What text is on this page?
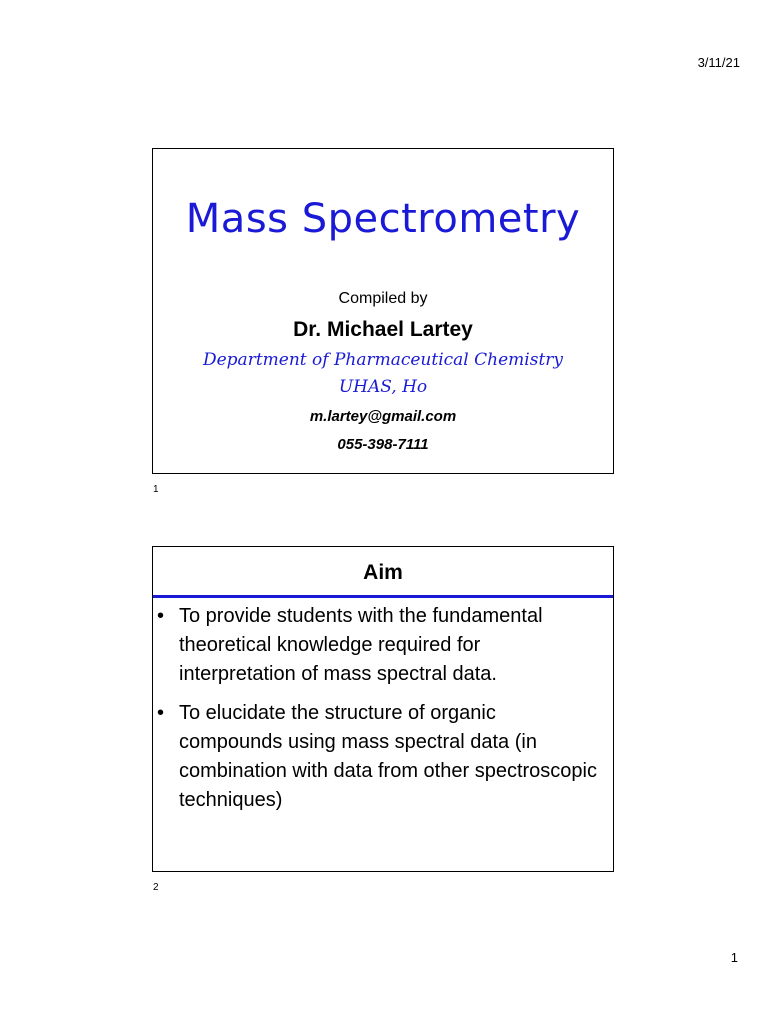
3/11/21
Mass Spectrometry
Compiled by
Dr. Michael Lartey
Department of Pharmaceutical Chemistry
UHAS, Ho
m.lartey@gmail.com
055-398-7111
1
Aim
• To provide students with the fundamental theoretical knowledge required for interpretation of mass spectral data.
• To elucidate the structure of organic compounds using mass spectral data (in combination with data from other spectroscopic techniques)
2
1
